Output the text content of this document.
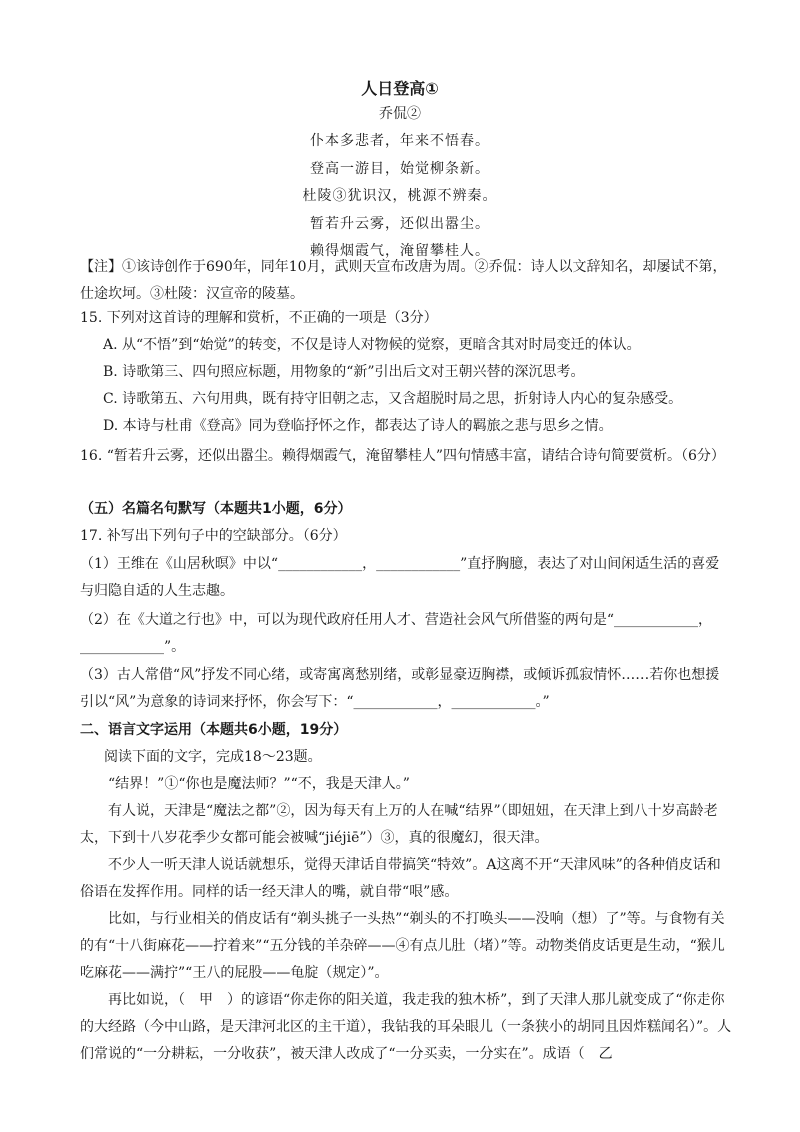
人日登高①
乔侃②
仆本多悲者，年来不悟春。
登高一游目，始觉柳条新。
杜陵③犹识汉，桃源不辨秦。
暂若升云雾，还似出嚣尘。
赖得烟霞气，淹留攀桂人。
【注】①该诗创作于690年，同年10月，武则天宣布改唐为周。②乔侃：诗人以文辞知名，却屡试不第，仕途坎坷。③杜陵：汉宣帝的陵墓。
15. 下列对这首诗的理解和赏析，不正确的一项是（3分）
A. 从“不悟”到“始觉”的转变，不仅是诗人对物候的觉察，更暗含其对时局变迁的体认。
B. 诗歌第三、四句照应标题，用物象的“新”引出后文对王朝兴替的深沉思考。
C. 诗歌第五、六句用典，既有持守旧朝之志，又含超脱时局之思，折射诗人内心的复杂感受。
D. 本诗与杜甫《登高》同为登临抒怀之作，都表达了诗人的羁旅之悲与思乡之情。
16. “暂若升云雾，还似出嚣尘。赖得烟霞气，淹留攀桂人”四句情感丰富，请结合诗句简要赏析。（6分）
（五）名篇名句默写（本题共1小题，6分）
17. 补写出下列句子中的空缺部分。（6分）
（1）王维在《山居秋暝》中以“____________，____________”直抒胸臆，表达了对山间闲适生活的喜爱与归隐自适的人生志趣。
（2）在《大道之行也》中，可以为现代政府任用人才、营造社会风气所借鉴的两句是“____________，____________”。
（3）古人常借“风”抒发不同心绪，或寄寓离愁别绪，或彰显豪迈胸襟，或倾诉孤寂情怀……若你也想援引以“风”为意象的诗词来抒怀，你会写下：“____________，____________。”
二、语言文字运用（本题共6小题，19分）
阅读下面的文字，完成18～23题。
“结界！”①“你也是魔法师？”“不，我是天津人。”
有人说，天津是“魔法之都”②，因为每天有上万的人在喊“结界”（即妞妞，在天津上到八十岁高龄老太，下到十八岁花季少女都可能会被喊“jiéjiē”）③，真的很魔幻，很天津。
不少人一听天津人说话就想乐，觉得天津话自带搞笑“特效”。A这离不开“天津风味”的各种俏皮话和俗语在发挥作用。同样的话一经天津人的嘴，就自带“哏”感。
比如，与行业相关的俏皮话有“剃头挑子一头热”“剃头的不打唤头——没响（想）了”等。与食物有关的有“十八街麻花——拧着来”“五分钱的羊杂碎——④有点儿肚（堵）”等。动物类俏皮话更是生动，“猴儿吃麻花——满拧”“王八的屁股——龟腚（规定）”。
再比如说，（　甲　）的谚语“你走你的阳关道，我走我的独木桥”，到了天津人那儿就变成了“你走你的大经路（今中山路，是天津河北区的主干道），我钻我的耳朵眼儿（一条狭小的胡同且因炸糕闻名）”。人们常说的“一分耕耘，一分收获”，被天津人改成了“一分买卖，一分实在”。成语（　乙
